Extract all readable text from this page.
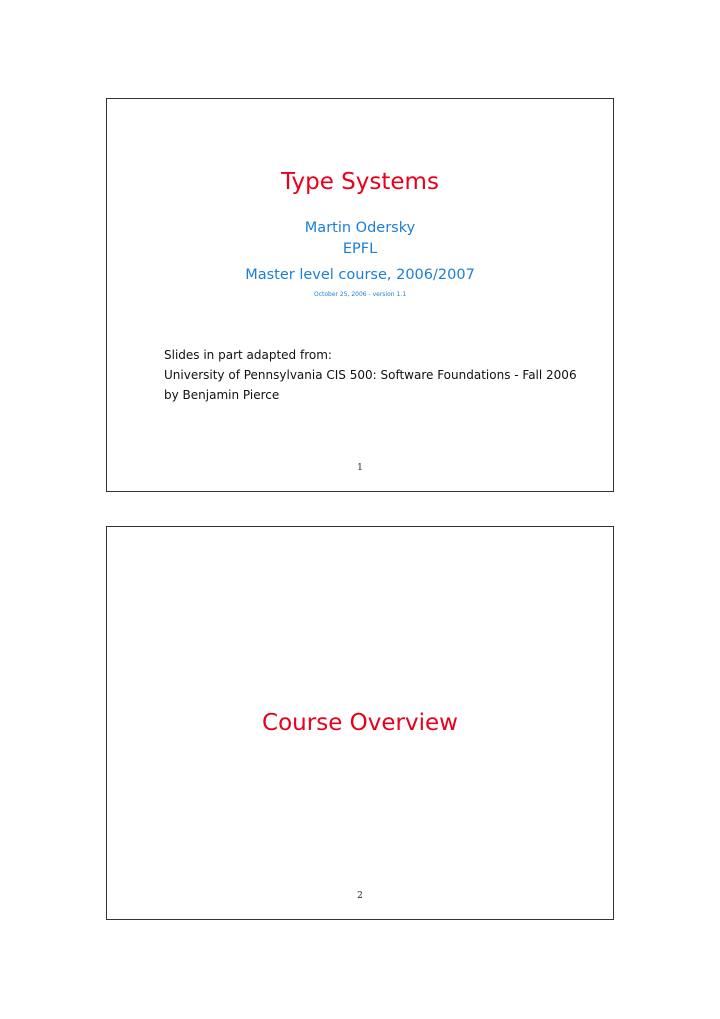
Type Systems
Martin Odersky
EPFL
Master level course, 2006/2007
October 25, 2006 - version 1.1
Slides in part adapted from:
University of Pennsylvania CIS 500: Software Foundations - Fall 2006
by Benjamin Pierce
1
Course Overview
2
